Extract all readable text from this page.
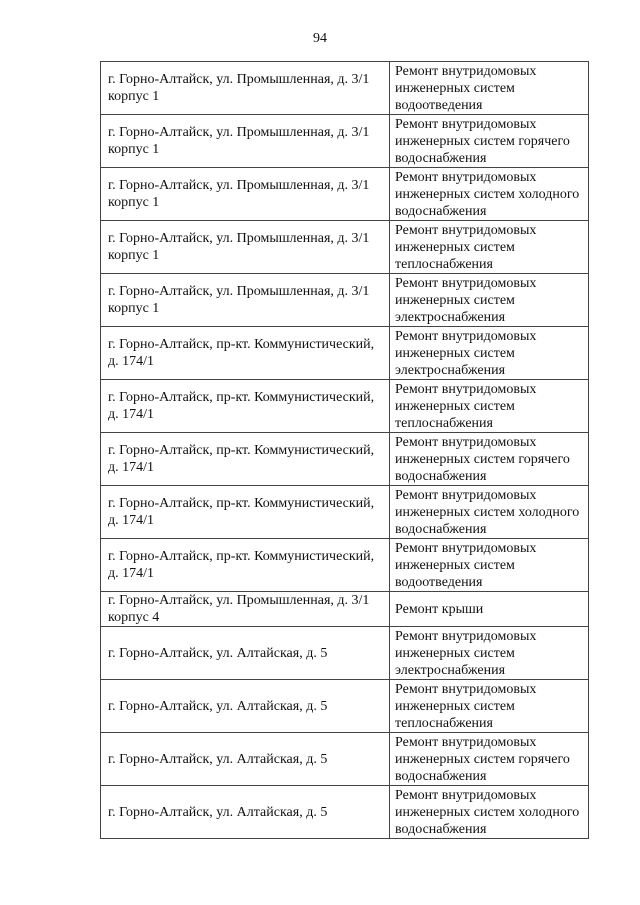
94
г. Горно-Алтайск, ул. Промышленная, д. 3/1 корпус 1	Ремонт внутридомовых инженерных систем водоотведения
г. Горно-Алтайск, ул. Промышленная, д. 3/1 корпус 1	Ремонт внутридомовых инженерных систем горячего водоснабжения
г. Горно-Алтайск, ул. Промышленная, д. 3/1 корпус 1	Ремонт внутридомовых инженерных систем холодного водоснабжения
г. Горно-Алтайск, ул. Промышленная, д. 3/1 корпус 1	Ремонт внутридомовых инженерных систем теплоснабжения
г. Горно-Алтайск, ул. Промышленная, д. 3/1 корпус 1	Ремонт внутридомовых инженерных систем электроснабжения
г. Горно-Алтайск, пр-кт. Коммунистический, д. 174/1	Ремонт внутридомовых инженерных систем электроснабжения
г. Горно-Алтайск, пр-кт. Коммунистический, д. 174/1	Ремонт внутридомовых инженерных систем теплоснабжения
г. Горно-Алтайск, пр-кт. Коммунистический, д. 174/1	Ремонт внутридомовых инженерных систем горячего водоснабжения
г. Горно-Алтайск, пр-кт. Коммунистический, д. 174/1	Ремонт внутридомовых инженерных систем холодного водоснабжения
г. Горно-Алтайск, пр-кт. Коммунистический, д. 174/1	Ремонт внутридомовых инженерных систем водоотведения
г. Горно-Алтайск, ул. Промышленная, д. 3/1 корпус 4	Ремонт крыши
г. Горно-Алтайск, ул. Алтайская, д. 5	Ремонт внутридомовых инженерных систем электроснабжения
г. Горно-Алтайск, ул. Алтайская, д. 5	Ремонт внутридомовых инженерных систем теплоснабжения
г. Горно-Алтайск, ул. Алтайская, д. 5	Ремонт внутридомовых инженерных систем горячего водоснабжения
г. Горно-Алтайск, ул. Алтайская, д. 5	Ремонт внутридомовых инженерных систем холодного водоснабжения
